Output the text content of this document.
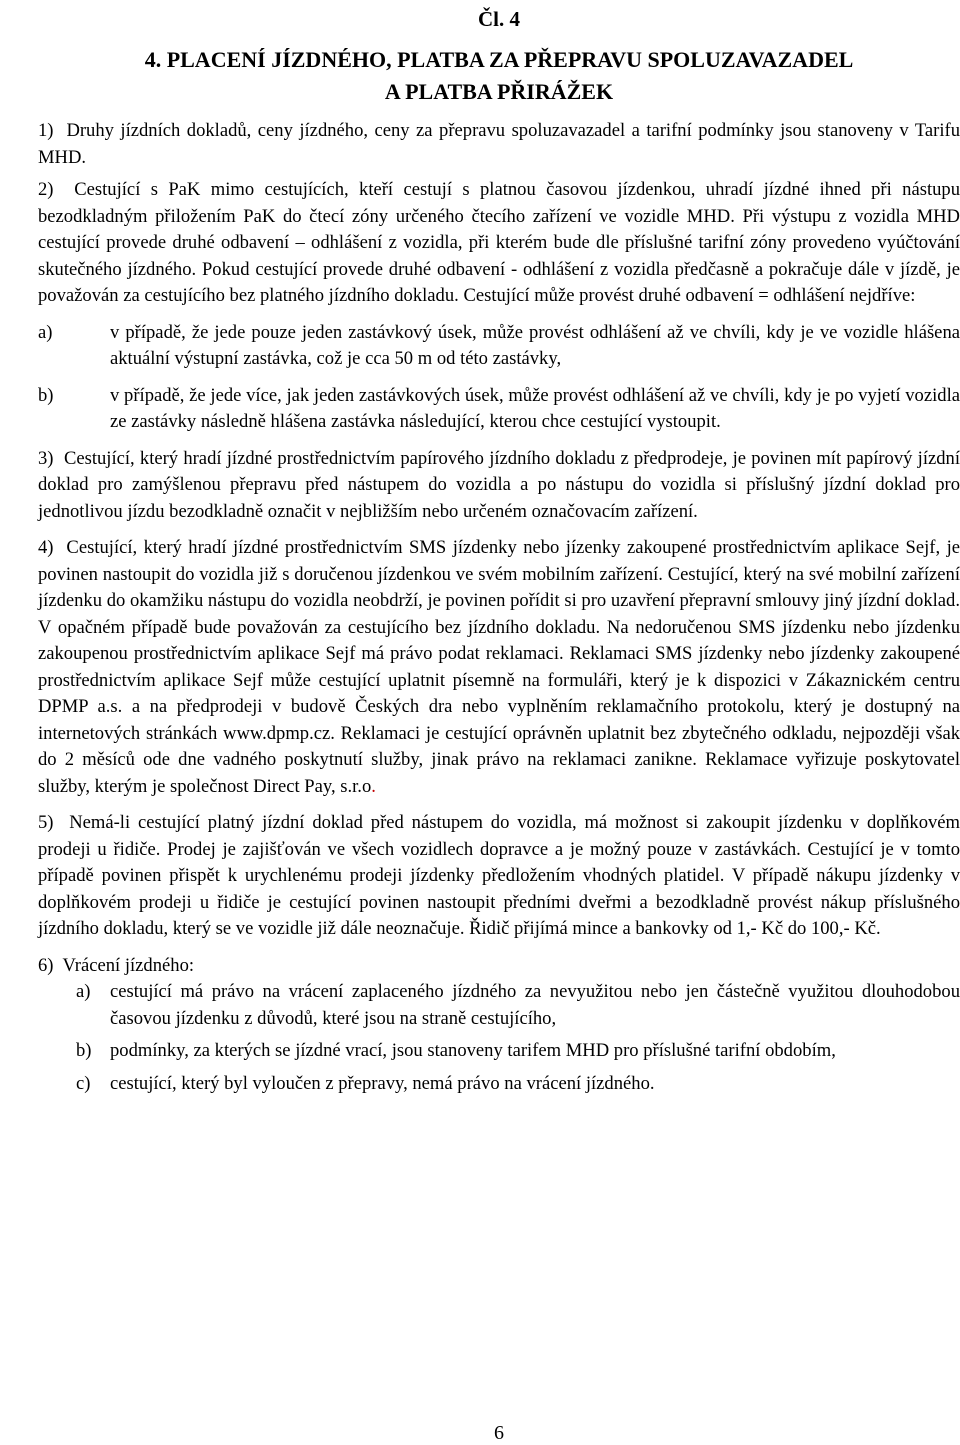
Čl. 4
4. PLACENÍ JÍZDNÉHO, PLATBA ZA PŘEPRAVU SPOLUZAVAZADEL
A PLATBA PŘIRÁŽEK
1) Druhy jízdních dokladů, ceny jízdného, ceny za přepravu spoluzavazadel a tarifní podmínky jsou stanoveny v Tarifu MHD.
2) Cestující s PaK mimo cestujících, kteří cestují s platnou časovou jízdenkou, uhradí jízdné ihned při nástupu bezodkladným přiložením PaK do čtecí zóny určeného čtecího zařízení ve vozidle MHD. Při výstupu z vozidla MHD cestující provede druhé odbavení – odhlášení z vozidla, při kterém bude dle příslušné tarifní zóny provedeno vyúčtování skutečného jízdného. Pokud cestující provede druhé odbavení - odhlášení z vozidla předčasně a pokračuje dále v jízdě, je považován za cestujícího bez platného jízdního dokladu. Cestující může provést druhé odbavení = odhlášení nejdříve:
a)	v případě, že jede pouze jeden zastávkový úsek, může provést odhlášení až ve chvíli, kdy je ve vozidle hlášena aktuální výstupní zastávka, což je cca 50 m od této zastávky,
b)	v případě, že jede více, jak jeden zastávkových úsek, může provést odhlášení až ve chvíli, kdy je po vyjetí vozidla ze zastávky následně hlášena zastávka následující, kterou chce cestující vystoupit.
3) Cestující, který hradí jízdné prostřednictvím papírového jízdního dokladu z předprodeje, je povinen mít papírový jízdní doklad pro zamýšlenou přepravu před nástupem do vozidla a po nástupu do vozidla si příslušný jízdní doklad pro jednotlivou jízdu bezodkladně označit v nejbližším nebo určeném označovacím zařízení.
4) Cestující, který hradí jízdné prostřednictvím SMS jízdenky nebo jízenky zakoupené prostřednictvím aplikace Sejf, je povinen nastoupit do vozidla již s doručenou jízdenkou ve svém mobilním zařízení. Cestující, který na své mobilní zařízení jízdenku do okamžiku nástupu do vozidla neobdrží, je povinen pořídit si pro uzavření přepravní smlouvy jiný jízdní doklad. V opačném případě bude považován za cestujícího bez jízdního dokladu. Na nedoručenou SMS jízdenku nebo jízdenku zakoupenou prostřednictvím aplikace Sejf má právo podat reklamaci. Reklamaci SMS jízdenky nebo jízdenky zakoupené prostřednictvím aplikace Sejf může cestující uplatnit písemně na formuláři, který je k dispozici v Zákaznickém centru DPMP a.s. a na předprodeji v budově Českých dra nebo vyplněním reklamačního protokolu, který je dostupný na internetových stránkách www.dpmp.cz. Reklamaci je cestující oprávněn uplatnit bez zbytečného odkladu, nejpozději však do 2 měsíců ode dne vadného poskytnutí služby, jinak právo na reklamaci zanikne. Reklamace vyřizuje poskytovatel služby, kterým je společnost Direct Pay, s.r.o.
5) Nemá-li cestující platný jízdní doklad před nástupem do vozidla, má možnost si zakoupit jízdenku v doplňkovém prodeji u řidiče. Prodej je zajišťován ve všech vozidlech dopravce a je možný pouze v zastávkách. Cestující je v tomto případě povinen přispět k urychlenému prodeji jízdenky předložením vhodných platidel. V případě nákupu jízdenky v doplňkovém prodeji u řidiče je cestující povinen nastoupit předními dveřmi a bezodkladně provést nákup příslušného jízdního dokladu, který se ve vozidle již dále neoznačuje. Řidič přijímá mince a bankovky od 1,- Kč do 100,- Kč.
6) Vrácení jízdného:
a) cestující má právo na vrácení zaplaceného jízdného za nevyužitou nebo jen částečně využitou dlouhodobou časovou jízdenku z důvodů, které jsou na straně cestujícího,
b) podmínky, za kterých se jízdné vrací, jsou stanoveny tarifem MHD pro příslušné tarifní obdobím,
c) cestující, který byl vyloučen z přepravy, nemá právo na vrácení jízdného.
6
